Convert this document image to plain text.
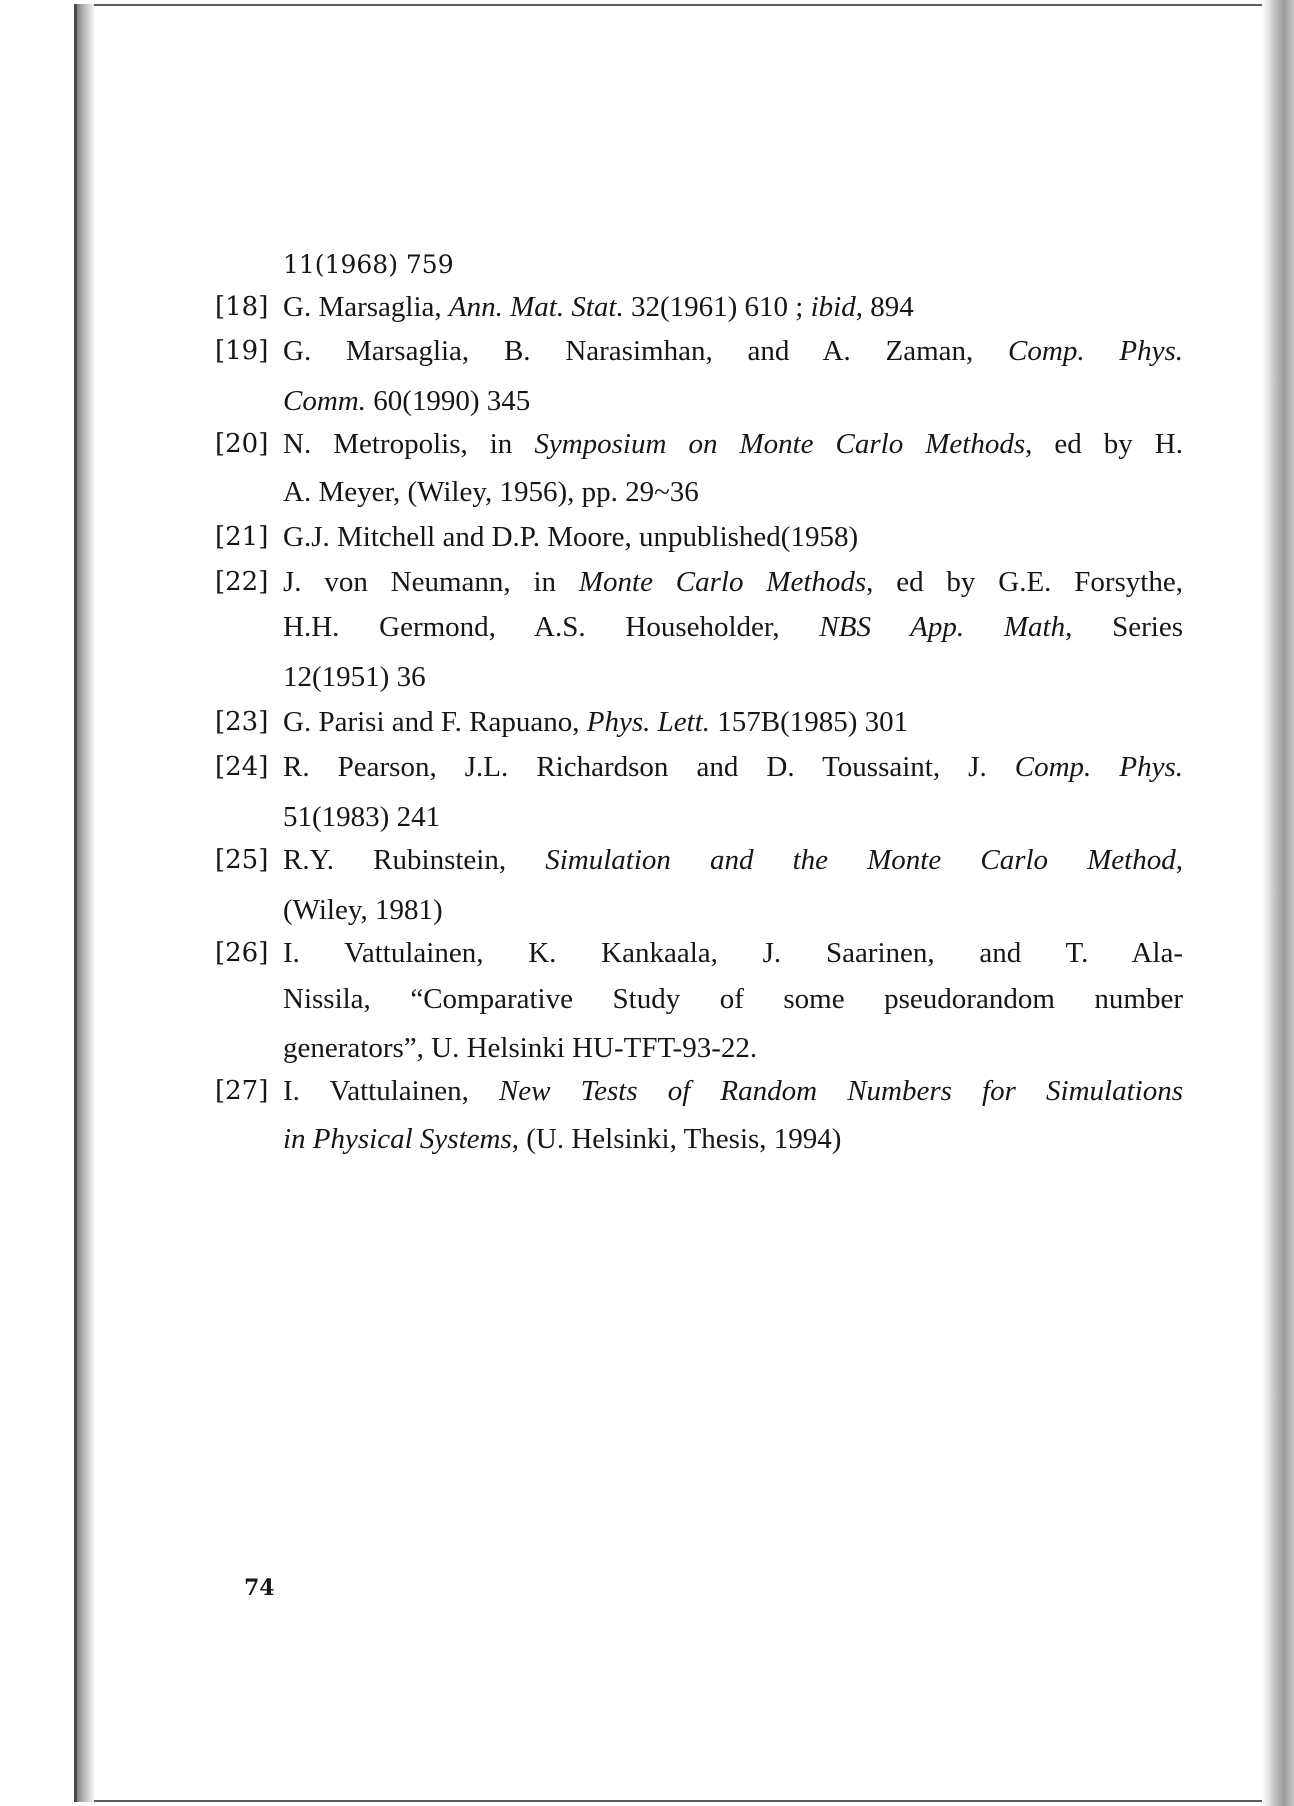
11(1968) 759
[18] G. Marsaglia, Ann. Mat. Stat. 32(1961) 610 ; ibid, 894
[19] G. Marsaglia, B. Narasimhan, and A. Zaman, Comp. Phys.
Comm. 60(1990) 345
[20] N. Metropolis, in Symposium on Monte Carlo Methods, ed by H.
A. Meyer, (Wiley, 1956), pp. 29~36
[21] G.J. Mitchell and D.P. Moore, unpublished(1958)
[22] J. von Neumann, in Monte Carlo Methods, ed by G.E. Forsythe,
H.H. Germond, A.S. Householder, NBS App. Math, Series
12(1951) 36
[23] G. Parisi and F. Rapuano, Phys. Lett. 157B(1985) 301
[24] R. Pearson, J.L. Richardson and D. Toussaint, J. Comp. Phys.
51(1983) 241
[25] R.Y. Rubinstein, Simulation and the Monte Carlo Method,
(Wiley, 1981)
[26] I. Vattulainen, K. Kankaala, J. Saarinen, and T. Ala-
Nissila, “Comparative Study of some pseudorandom number
generators”, U. Helsinki HU-TFT-93-22.
[27] I. Vattulainen, New Tests of Random Numbers for Simulations
in Physical Systems, (U. Helsinki, Thesis, 1994)
74
